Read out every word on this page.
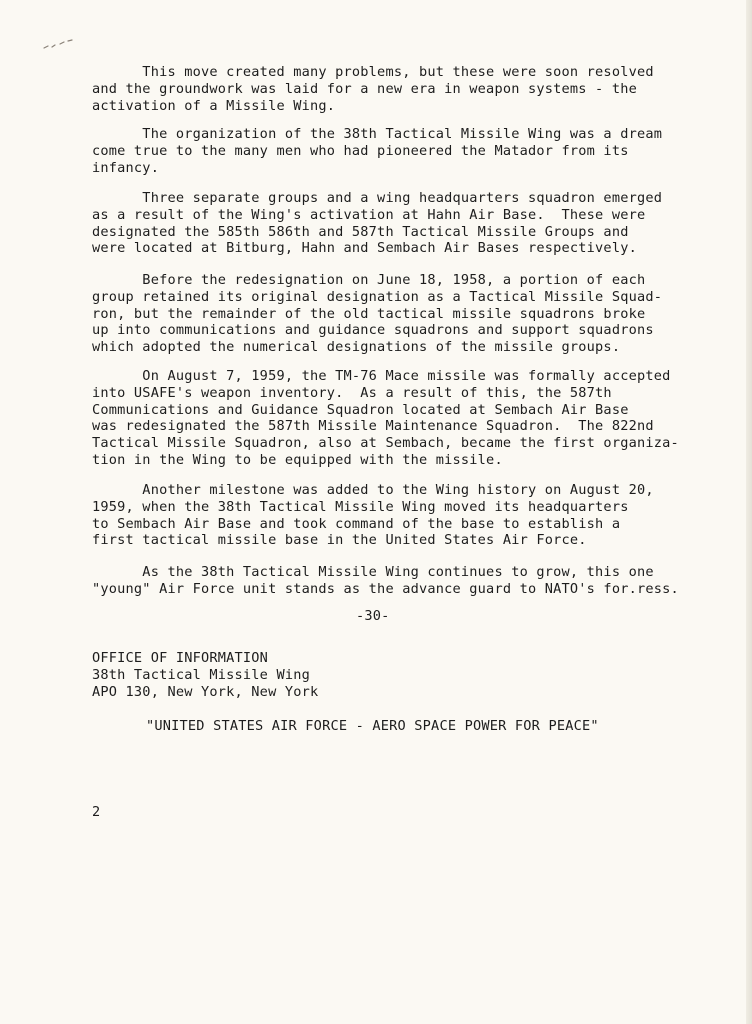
This move created many problems, but these were soon resolved
and the groundwork was laid for a new era in weapon systems - the
activation of a Missile Wing.
The organization of the 38th Tactical Missile Wing was a dream
come true to the many men who had pioneered the Matador from its
infancy.
Three separate groups and a wing headquarters squadron emerged
as a result of the Wing's activation at Hahn Air Base.  These were
designated the 585th 586th and 587th Tactical Missile Groups and
were located at Bitburg, Hahn and Sembach Air Bases respectively.
Before the redesignation on June 18, 1958, a portion of each
group retained its original designation as a Tactical Missile Squad-
ron, but the remainder of the old tactical missile squadrons broke
up into communications and guidance squadrons and support squadrons
which adopted the numerical designations of the missile groups.
On August 7, 1959, the TM-76 Mace missile was formally accepted
into USAFE's weapon inventory.  As a result of this, the 587th
Communications and Guidance Squadron located at Sembach Air Base
was redesignated the 587th Missile Maintenance Squadron.  The 822nd
Tactical Missile Squadron, also at Sembach, became the first organiza-
tion in the Wing to be equipped with the missile.
Another milestone was added to the Wing history on August 20,
1959, when the 38th Tactical Missile Wing moved its headquarters
to Sembach Air Base and took command of the base to establish a
first tactical missile base in the United States Air Force.
As the 38th Tactical Missile Wing continues to grow, this one
"young" Air Force unit stands as the advance guard to NATO's for.ress.
-30-
OFFICE OF INFORMATION
38th Tactical Missile Wing
APO 130, New York, New York
"UNITED STATES AIR FORCE - AERO SPACE POWER FOR PEACE"
2
